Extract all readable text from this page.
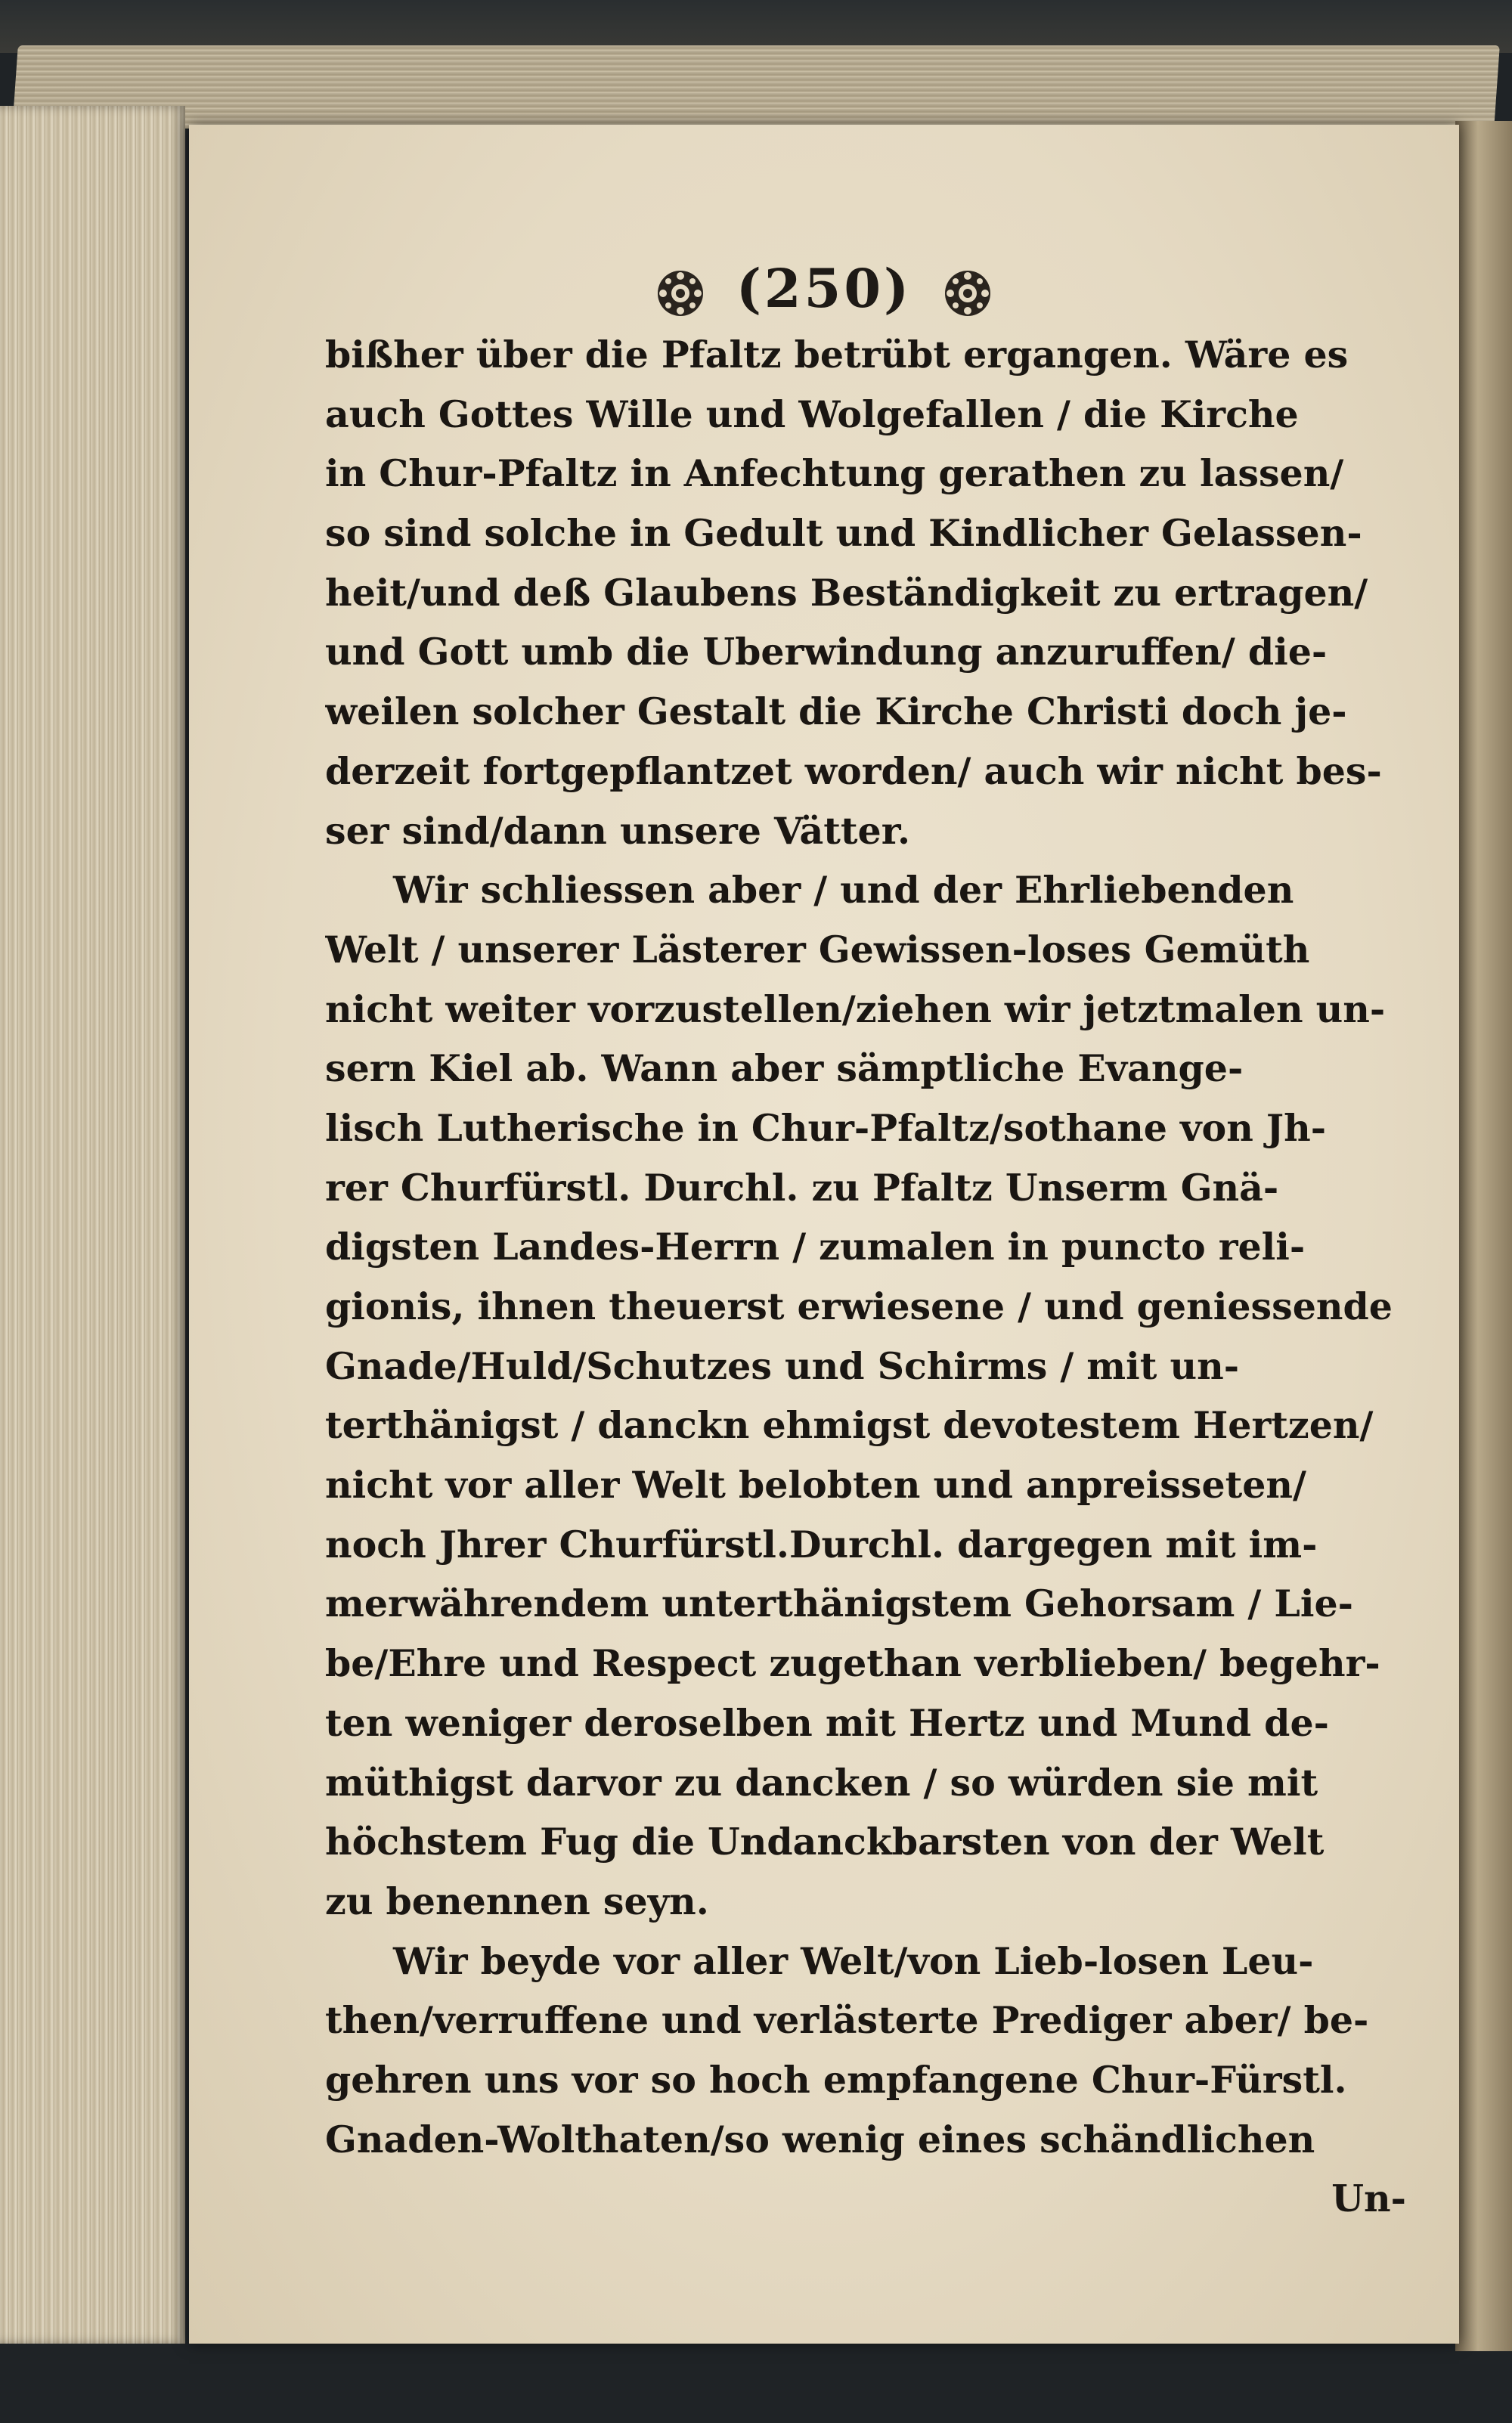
(250)
bißher über die Pfaltz betrübt ergangen. Wäre es
auch Gottes Wille und Wolgefallen / die Kirche
in Chur-Pfaltz in Anfechtung gerathen zu lassen/
so sind solche in Gedult und Kindlicher Gelassen-
heit/und deß Glaubens Beständigkeit zu ertragen/
und Gott umb die Uberwindung anzuruffen/ die-
weilen solcher Gestalt die Kirche Christi doch je-
derzeit fortgepflantzet worden/ auch wir nicht bes-
ser sind/dann unsere Vätter.
Wir schliessen aber / und der Ehrliebenden
Welt / unserer Lästerer Gewissen-loses Gemüth
nicht weiter vorzustellen/ziehen wir jetztmalen un-
sern Kiel ab. Wann aber sämptliche Evange-
lisch Lutherische in Chur-Pfaltz/sothane von Jh-
rer Churfürstl. Durchl. zu Pfaltz Unserm Gnä-
digsten Landes-Herrn / zumalen in puncto reli-
gionis, ihnen theuerst erwiesene / und geniessende
Gnade/Huld/Schutzes und Schirms / mit un-
terthänigst / danckn ehmigst devotestem Hertzen/
nicht vor aller Welt belobten und anpreisseten/
noch Jhrer Churfürstl.Durchl. dargegen mit im-
merwährendem unterthänigstem Gehorsam / Lie-
be/Ehre und Respect zugethan verblieben/ begehr-
ten weniger deroselben mit Hertz und Mund de-
müthigst darvor zu dancken / so würden sie mit
höchstem Fug die Undanckbarsten von der Welt
zu benennen seyn.
Wir beyde vor aller Welt/von Lieb-losen Leu-
then/verruffene und verlästerte Prediger aber/ be-
gehren uns vor so hoch empfangene Chur-Fürstl.
Gnaden-Wolthaten/so wenig eines schändlichen
Un-
